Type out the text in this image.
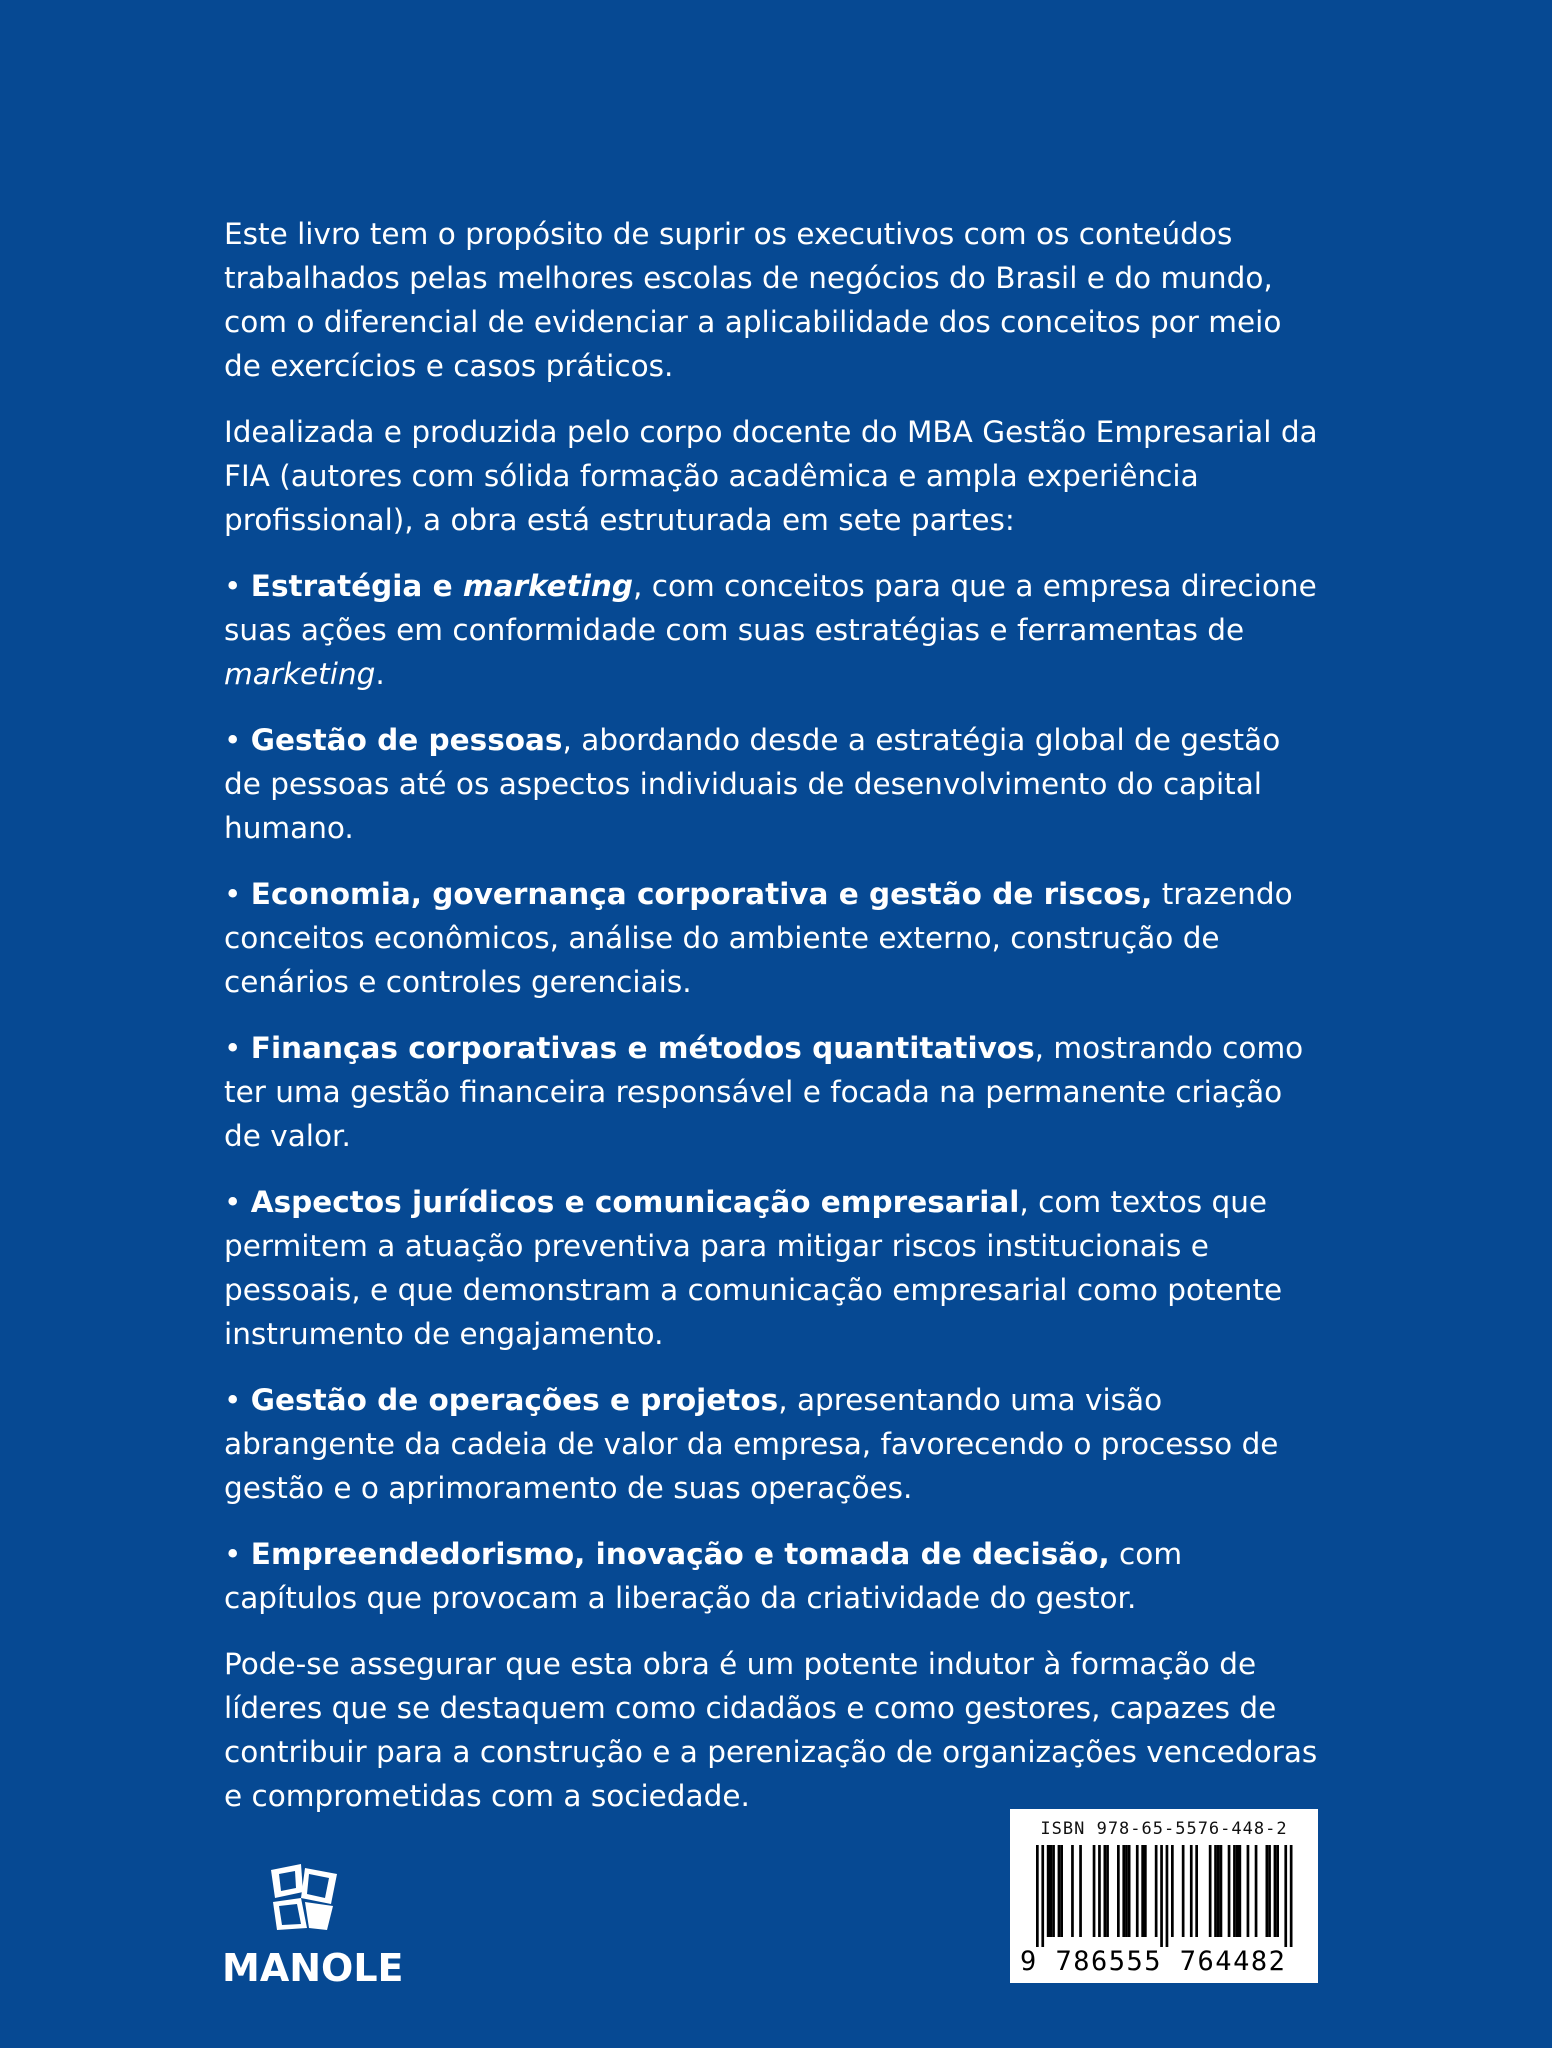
Este livro tem o propósito de suprir os executivos com os conteúdos trabalhados pelas melhores escolas de negócios do Brasil e do mundo, com o diferencial de evidenciar a aplicabilidade dos conceitos por meio de exercícios e casos práticos.

Idealizada e produzida pelo corpo docente do MBA Gestão Empresarial da FIA (autores com sólida formação acadêmica e ampla experiência profissional), a obra está estruturada em sete partes:

• Estratégia e marketing, com conceitos para que a empresa direcione suas ações em conformidade com suas estratégias e ferramentas de marketing.

• Gestão de pessoas, abordando desde a estratégia global de gestão de pessoas até os aspectos individuais de desenvolvimento do capital humano.

• Economia, governança corporativa e gestão de riscos, trazendo conceitos econômicos, análise do ambiente externo, construção de cenários e controles gerenciais.

• Finanças corporativas e métodos quantitativos, mostrando como ter uma gestão financeira responsável e focada na permanente criação de valor.

• Aspectos jurídicos e comunicação empresarial, com textos que permitem a atuação preventiva para mitigar riscos institucionais e pessoais, e que demonstram a comunicação empresarial como potente instrumento de engajamento.

• Gestão de operações e projetos, apresentando uma visão abrangente da cadeia de valor da empresa, favorecendo o processo de gestão e o aprimoramento de suas operações.

• Empreendedorismo, inovação e tomada de decisão, com capítulos que provocam a liberação da criatividade do gestor.

Pode-se assegurar que esta obra é um potente indutor à formação de líderes que se destaquem como cidadãos e como gestores, capazes de contribuir para a construção e a perenização de organizações vencedoras e comprometidas com a sociedade.

MANOLE
ISBN 978-65-5576-448-2
9 786555 764482
